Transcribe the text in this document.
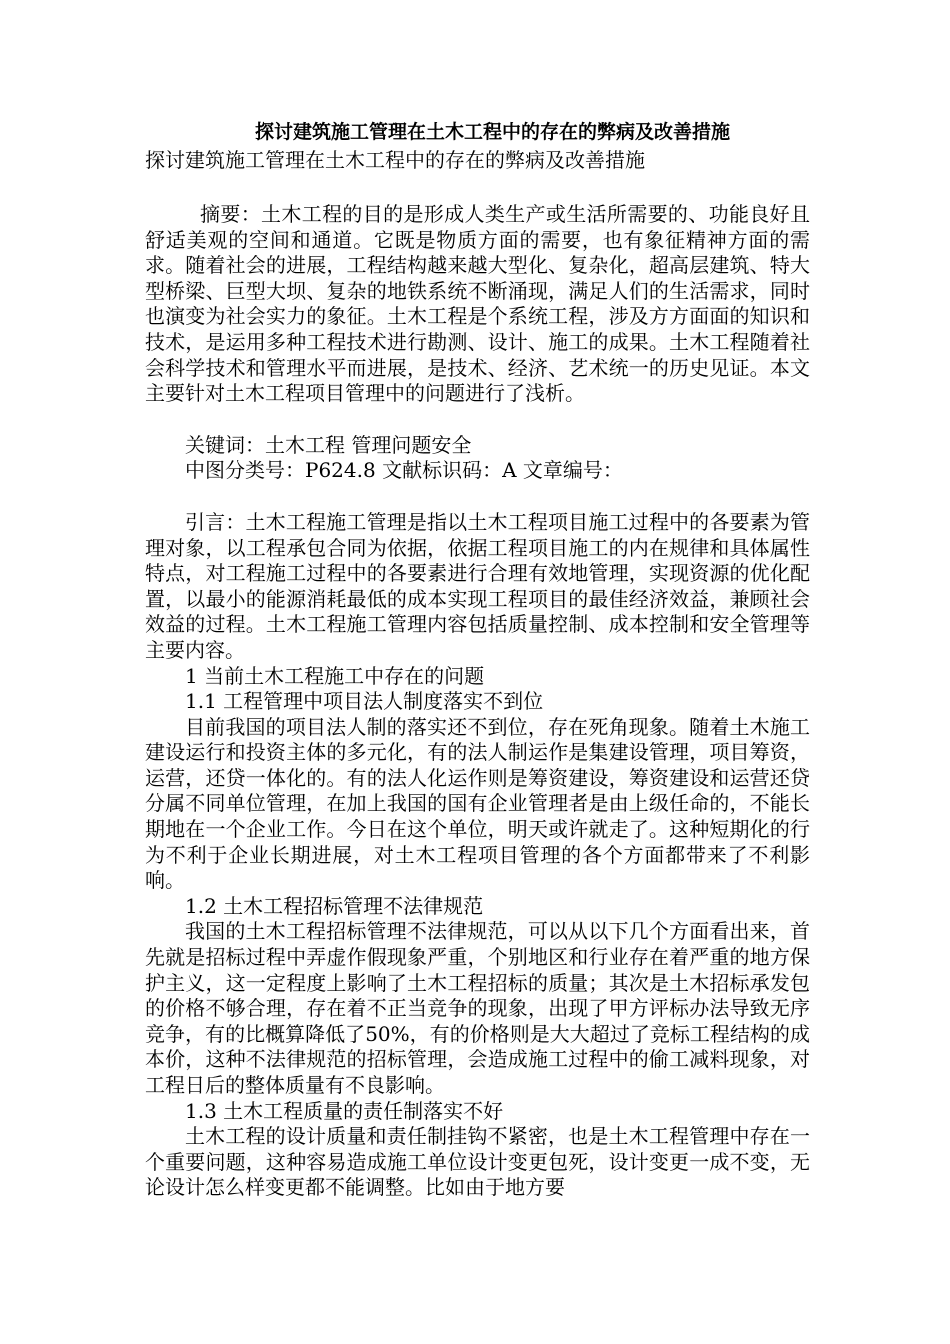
探讨建筑施工管理在土木工程中的存在的弊病及改善措施
探讨建筑施工管理在土木工程中的存在的弊病及改善措施

摘要：土木工程的目的是形成人类生产或生活所需要的、功能良好且舒适美观的空间和通道。它既是物质方面的需要，也有象征精神方面的需求。随着社会的进展，工程结构越来越大型化、复杂化，超高层建筑、特大型桥梁、巨型大坝、复杂的地铁系统不断涌现，满足人们的生活需求，同时也演变为社会实力的象征。土木工程是个系统工程，涉及方方面面的知识和技术，是运用多种工程技术进行勘测、设计、施工的成果。土木工程随着社会科学技术和管理水平而进展，是技术、经济、艺术统一的历史见证。本文主要针对土木工程项目管理中的问题进行了浅析。

关键词：土木工程 管理问题安全

中图分类号：P624.8 文献标识码：A 文章编号：

引言：土木工程施工管理是指以土木工程项目施工过程中的各要素为管理对象，以工程承包合同为依据，依据工程项目施工的内在规律和具体属性特点，对工程施工过程中的各要素进行合理有效地管理，实现资源的优化配置，以最小的能源消耗最低的成本实现工程项目的最佳经济效益，兼顾社会效益的过程。土木工程施工管理内容包括质量控制、成本控制和安全管理等主要内容。

1 当前土木工程施工中存在的问题

1.1 工程管理中项目法人制度落实不到位

目前我国的项目法人制的落实还不到位，存在死角现象。随着土木施工建设运行和投资主体的多元化，有的法人制运作是集建设管理，项目筹资，运营，还贷一体化的。有的法人化运作则是筹资建设，筹资建设和运营还贷分属不同单位管理，在加上我国的国有企业管理者是由上级任命的，不能长期地在一个企业工作。今日在这个单位，明天或许就走了。这种短期化的行为不利于企业长期进展，对土木工程项目管理的各个方面都带来了不利影响。

1.2 土木工程招标管理不法律规范

我国的土木工程招标管理不法律规范，可以从以下几个方面看出来，首先就是招标过程中弄虚作假现象严重，个别地区和行业存在着严重的地方保护主义，这一定程度上影响了土木工程招标的质量；其次是土木招标承发包的价格不够合理，存在着不正当竞争的现象，出现了甲方评标办法导致无序竞争，有的比概算降低了50%，有的价格则是大大超过了竞标工程结构的成本价，这种不法律规范的招标管理，会造成施工过程中的偷工减料现象，对工程日后的整体质量有不良影响。

1.3 土木工程质量的责任制落实不好

土木工程的设计质量和责任制挂钩不紧密，也是土木工程管理中存在一个重要问题，这种容易造成施工单位设计变更包死，设计变更一成不变，无论设计怎么样变更都不能调整。比如由于地方要
